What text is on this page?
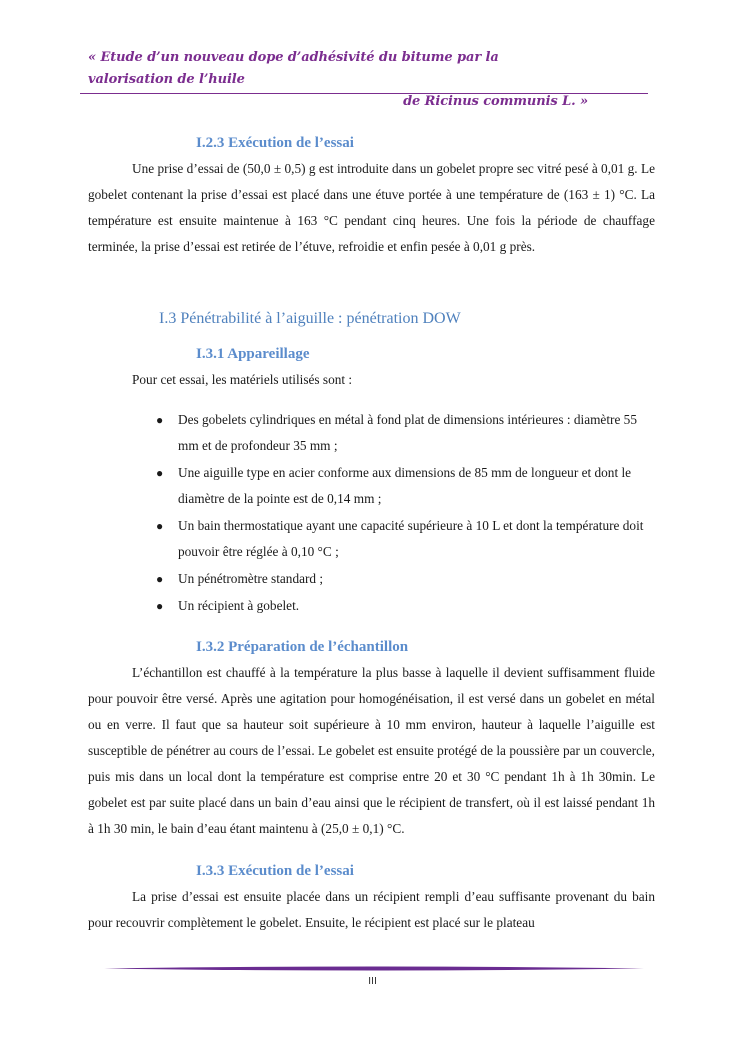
« Etude d’un nouveau dope d’adhésivité du bitume par la valorisation de l’huile
de Ricinus communis L. »
I.2.3 Exécution de l’essai

Une prise d’essai de (50,0 ± 0,5) g est introduite dans un gobelet propre sec vitré pesé à 0,01 g. Le gobelet contenant la prise d’essai est placé dans une étuve portée à une température de (163 ± 1) °C. La température est ensuite maintenue à 163 °C pendant cinq heures. Une fois la période de chauffage terminée, la prise d’essai est retirée de l’étuve, refroidie et enfin pesée à 0,01 g près.

I.3 Pénétrabilité à l’aiguille : pénétration DOW
I.3.1 Appareillage

Pour cet essai, les matériels utilisés sont :

● Des gobelets cylindriques en métal à fond plat de dimensions intérieures : diamètre 55 mm et de profondeur 35 mm ;
● Une aiguille type en acier conforme aux dimensions de 85 mm de longueur et dont le diamètre de la pointe est de 0,14 mm ;
● Un bain thermostatique ayant une capacité supérieure à 10 L et dont la température doit pouvoir être réglée à 0,10 °C ;
● Un pénétromètre standard ;
● Un récipient à gobelet.
I.3.2 Préparation de l’échantillon

L’échantillon est chauffé à la température la plus basse à laquelle il devient suffisamment fluide pour pouvoir être versé. Après une agitation pour homogénéisation, il est versé dans un gobelet en métal ou en verre. Il faut que sa hauteur soit supérieure à 10 mm environ, hauteur à laquelle l’aiguille est susceptible de pénétrer au cours de l’essai. Le gobelet est ensuite protégé de la poussière par un couvercle, puis mis dans un local dont la température est comprise entre 20 et 30 °C pendant 1h à 1h 30min. Le gobelet est par suite placé dans un bain d’eau ainsi que le récipient de transfert, où il est laissé pendant 1h à 1h 30 min, le bain d’eau étant maintenu à (25,0 ± 0,1) °C.

I.3.3 Exécution de l’essai

La prise d’essai est ensuite placée dans un récipient rempli d’eau suffisante provenant du bain pour recouvrir complètement le gobelet. Ensuite, le récipient est placé sur le plateau

III
